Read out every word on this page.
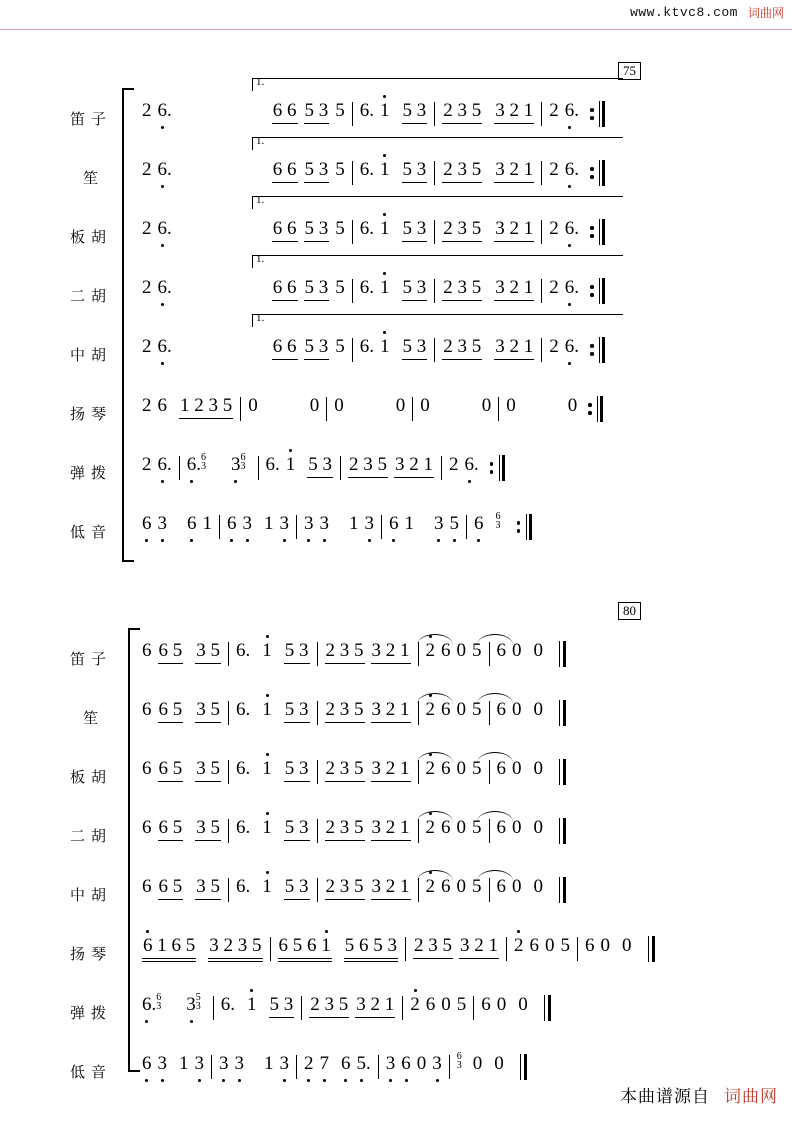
www.ktvc8.com 词曲网
75
笛子
1.
2 6 .	6 6 5 3 5 6. 1 5 3 2 3 5 3 2 1 2 6 .
笙
1.
2 6 .	6 6 5 3 5 6. 1 5 3 2 3 5 3 2 1 2 6 .
板胡
1.
2 6 .	6 6 5 3 5 6. 1 5 3 2 3 5 3 2 1 2 6 .
二胡
1.
2 6 .	6 6 5 3 5 6. 1 5 3 2 3 5 3 2 1 2 6 .
中胡
1.
2 6 .	6 6 5 3 5 6. 1 5 3 2 3 5 3 2 1 2 6 .
扬琴	2 6 1 2 3 5 0	0 0	0 0	0 0	0
弹拨	2 6 . 6 . 6
3 3 6
3 6. 1 5 3 2 3 5 3 2 1 2 6 .
低音	6 3 6 1 6 3 1 3 3 3 1 3 6 1 3 5 6 6
3
80
笛子	6 6 5 3 5 6. 1 5 3 2 3 5 3 2 1 2 6 0 5 6 0 0
笙	6 6 5 3 5 6. 1 5 3 2 3 5 3 2 1 2 6 0 5 6 0 0
板胡	6 6 5 3 5 6. 1 5 3 2 3 5 3 2 1 2 6 0 5 6 0 0
二胡	6 6 5 3 5 6. 1 5 3 2 3 5 3 2 1 2 6 0 5 6 0 0
中胡	6 6 5 3 5 6. 1 5 3 2 3 5 3 2 1 2 6 0 5 6 0 0
扬琴	6 1 6 5 3 2 3 5 6 5 6 1 5 6 5 3 2 3 5 3 2 1 2 6 0 5 6 0 0
弹拨	6 . 6
3 3 5
3 6. 1 5 3 2 3 5 3 2 1 2 6 0 5 6 0 0
低音	6 3 1 3 3 3 1 3 2 7 6 5 . 3 6 0 3 6
3 0 0
本曲谱源自 词曲网
